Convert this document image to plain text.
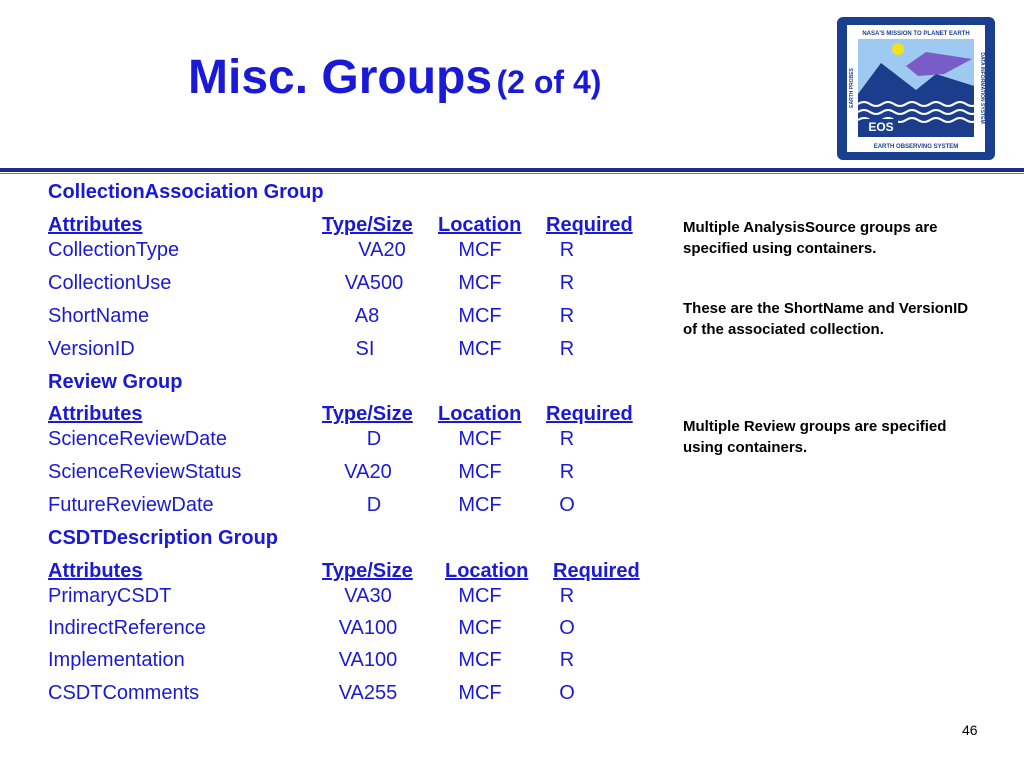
Misc. Groups (2 of 4)
NASA'S MISSION TO PLANET EARTH
EOS
EARTH OBSERVING SYSTEM
EARTH PROBES	DATA INFORMATION SYSTEM
CollectionAssociation Group
Attributes	Type/Size Location Required
CollectionType	VA20	MCF	R
CollectionUse	VA500	MCF	R
ShortName	A8	MCF	R
VersionID	SI	MCF	R
Review Group
Attributes	Type/Size Location Required
ScienceReviewDate	D	MCF	R
ScienceReviewStatus	VA20	MCF	R
FutureReviewDate	D	MCF	O
CSDTDescription Group
Attributes	Type/Size Location Required
PrimaryCSDT	VA30	MCF	R
IndirectReference	VA100	MCF	O
Implementation	VA100	MCF	R
CSDTComments	VA255	MCF	O
Multiple AnalysisSource groups are specified using containers.
These are the ShortName and VersionID of the associated collection.
Multiple Review groups are specified using containers.
46
